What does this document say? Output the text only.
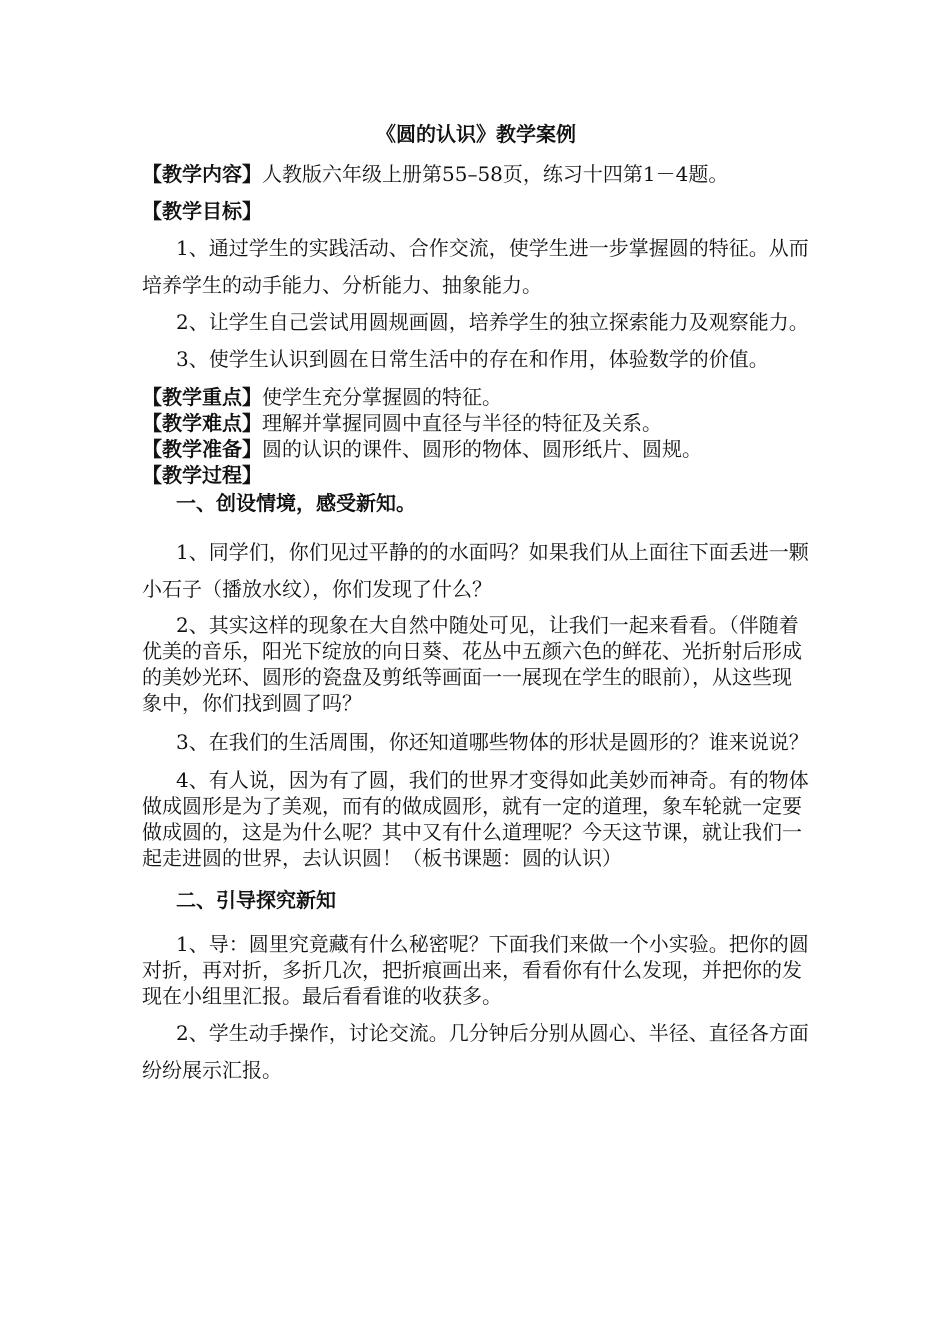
《圆的认识》教学案例

【教学内容】人教版六年级上册第55–58页，练习十四第1－4题。

【教学目标】

1、通过学生的实践活动、合作交流，使学生进一步掌握圆的特征。从而培养学生的动手能力、分析能力、抽象能力。

2、让学生自己尝试用圆规画圆，培养学生的独立探索能力及观察能力。

3、使学生认识到圆在日常生活中的存在和作用，体验数学的价值。

【教学重点】使学生充分掌握圆的特征。

【教学难点】理解并掌握同圆中直径与半径的特征及关系。

【教学准备】圆的认识的课件、圆形的物体、圆形纸片、圆规。

【教学过程】

一、创设情境，感受新知。

1、同学们，你们见过平静的的水面吗？如果我们从上面往下面丢进一颗小石子（播放水纹），你们发现了什么？

2、其实这样的现象在大自然中随处可见，让我们一起来看看。（伴随着优美的音乐，阳光下绽放的向日葵、花丛中五颜六色的鲜花、光折射后形成的美妙光环、圆形的瓷盘及剪纸等画面一一展现在学生的眼前），从这些现象中，你们找到圆了吗？

3、在我们的生活周围，你还知道哪些物体的形状是圆形的？谁来说说？

4、有人说，因为有了圆，我们的世界才变得如此美妙而神奇。有的物体做成圆形是为了美观，而有的做成圆形，就有一定的道理，象车轮就一定要做成圆的，这是为什么呢？其中又有什么道理呢？今天这节课，就让我们一起走进圆的世界，去认识圆！（板书课题：圆的认识）

二、引导探究新知

1、导：圆里究竟藏有什么秘密呢？下面我们来做一个小实验。把你的圆对折，再对折，多折几次，把折痕画出来，看看你有什么发现，并把你的发现在小组里汇报。最后看看谁的收获多。

2、学生动手操作，讨论交流。几分钟后分别从圆心、半径、直径各方面纷纷展示汇报。
